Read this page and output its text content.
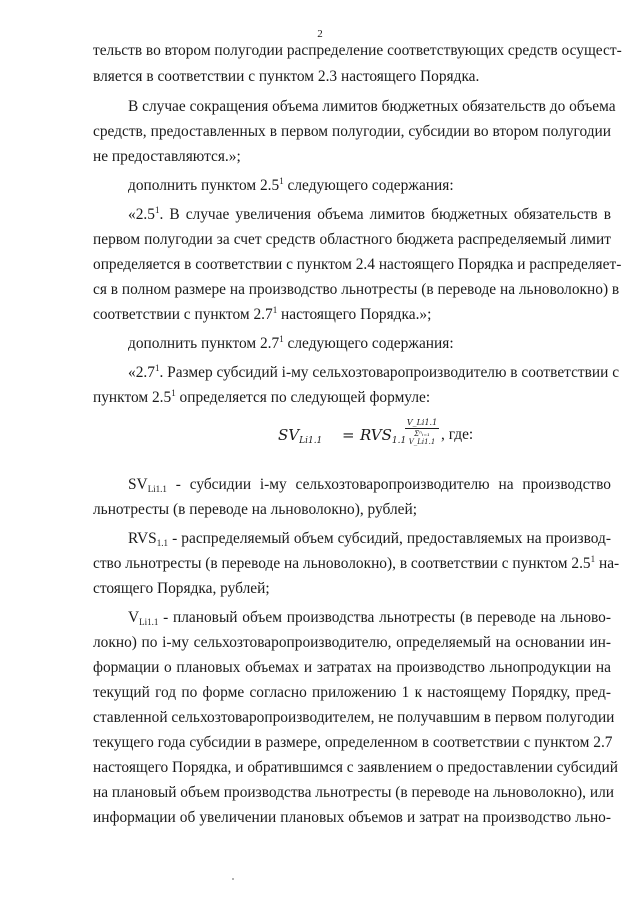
2
тельств во втором полугодии распределение соответствующих средств осущест-
вляется в соответствии с пунктом 2.3 настоящего Порядка.
В случае сокращения объема лимитов бюджетных обязательств до объема
средств, предоставленных в первом полугодии, субсидии во втором полугодии
не предоставляются.»;
дополнить пунктом $2.5^1$ следующего содержания:
«$2.5^1$. В случае увеличения объема лимитов бюджетных обязательств в
первом полугодии за счет средств областного бюджета распределяемый лимит
определяется в соответствии с пунктом 2.4 настоящего Порядка и распределяет-
ся в полном размере на производство льнотресты (в переводе на льноволокно) в
соответствии с пунктом $2.7^1$ настоящего Порядка.»;
дополнить пунктом $2.7^1$ следующего содержания:
«$2.7^1$. Размер субсидий i-му сельхозтоваропроизводителю в соответствии с
пунктом $2.5^1$ определяется по следующей формуле:
$SV_{Li1.1} = RVS_{1.1}$
V_Li1.1
Σⁿᵢ₌₁ V_Li1.1 , где:
$SV_{Li1.1}$ - субсидии i-му сельхозтоваропроизводителю на производство
льнотресты (в переводе на льноволокно), рублей;
$RVS_{1.1}$ - распределяемый объем субсидий, предоставляемых на производ-
ство льнотресты (в переводе на льноволокно), в соответствии с пунктом $2.5^1$ на-
стоящего Порядка, рублей;
$V_{Li1.1}$ - плановый объем производства льнотресты (в переводе на льново-
локно) по i-му сельхозтоваропроизводителю, определяемый на основании ин-
формации о плановых объемах и затратах на производство льнопродукции на
текущий год по форме согласно приложению 1 к настоящему Порядку, пред-
ставленной сельхозтоваропроизводителем, не получавшим в первом полугодии
текущего года субсидии в размере, определенном в соответствии с пунктом 2.7
настоящего Порядка, и обратившимся с заявлением о предоставлении субсидий
на плановый объем производства льнотресты (в переводе на льноволокно), или
информации об увеличении плановых объемов и затрат на производство льно-
